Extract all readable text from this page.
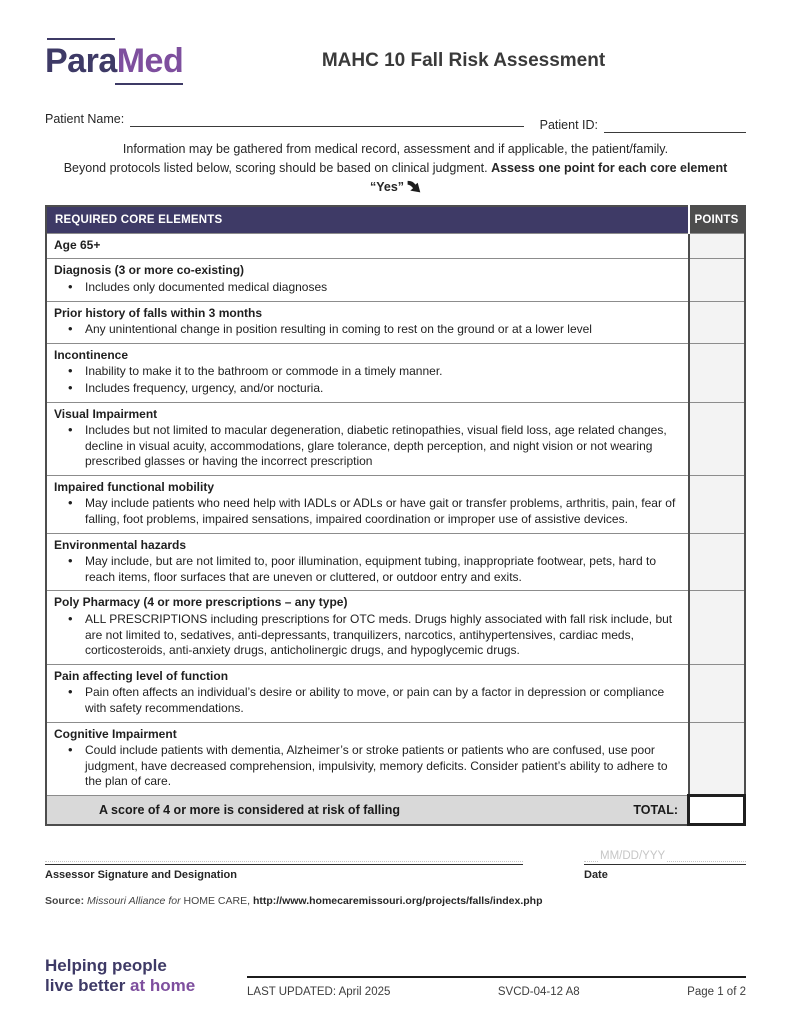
ParaMed	MAHC 10 Fall Risk Assessment
Patient Name:	Patient ID:
Information may be gathered from medical record, assessment and if applicable, the patient/family.
Beyond protocols listed below, scoring should be based on clinical judgment. Assess one point for each core element “Yes”
REQUIRED CORE ELEMENTS	POINTS

Age 65+	

Diagnosis (3 or more co-existing)
• Includes only documented medical diagnoses

Prior history of falls within 3 months
• Any unintentional change in position resulting in coming to rest on the ground or at a lower level

Incontinence
• Inability to make it to the bathroom or commode in a timely manner.
• Includes frequency, urgency, and/or nocturia.

Visual Impairment
• Includes but not limited to macular degeneration, diabetic retinopathies, visual field loss, age related changes, decline in visual acuity, accommodations, glare tolerance, depth perception, and night vision or not wearing prescribed glasses or having the incorrect prescription

Impaired functional mobility
• May include patients who need help with IADLs or ADLs or have gait or transfer problems, arthritis, pain, fear of falling, foot problems, impaired sensations, impaired coordination or improper use of assistive devices.

Environmental hazards
• May include, but are not limited to, poor illumination, equipment tubing, inappropriate footwear, pets, hard to reach items, floor surfaces that are uneven or cluttered, or outdoor entry and exits.

Poly Pharmacy (4 or more prescriptions – any type)
• ALL PRESCRIPTIONS including prescriptions for OTC meds. Drugs highly associated with fall risk include, but are not limited to, sedatives, anti-depressants, tranquilizers, narcotics, antihypertensives, cardiac meds, corticosteroids, anti-anxiety drugs, anticholinergic drugs, and hypoglycemic drugs.

Pain affecting level of function
• Pain often affects an individual’s desire or ability to move, or pain can by a factor in depression or compliance with safety recommendations.

Cognitive Impairment
• Could include patients with dementia, Alzheimer’s or stroke patients or patients who are confused, use poor judgment, have decreased comprehension, impulsivity, memory deficits. Consider patient’s ability to adhere to the plan of care.

A score of 4 or more is considered at risk of falling TOTAL:	

Assessor Signature and Designation
MM/DD/YYY
Date
Source: Missouri Alliance for HOME CARE, http://www.homecaremissouri.org/projects/falls/index.php
Helping people
live better at home	LAST UPDATED: April 2025	SVCD-04-12 A8	Page 1 of 2
